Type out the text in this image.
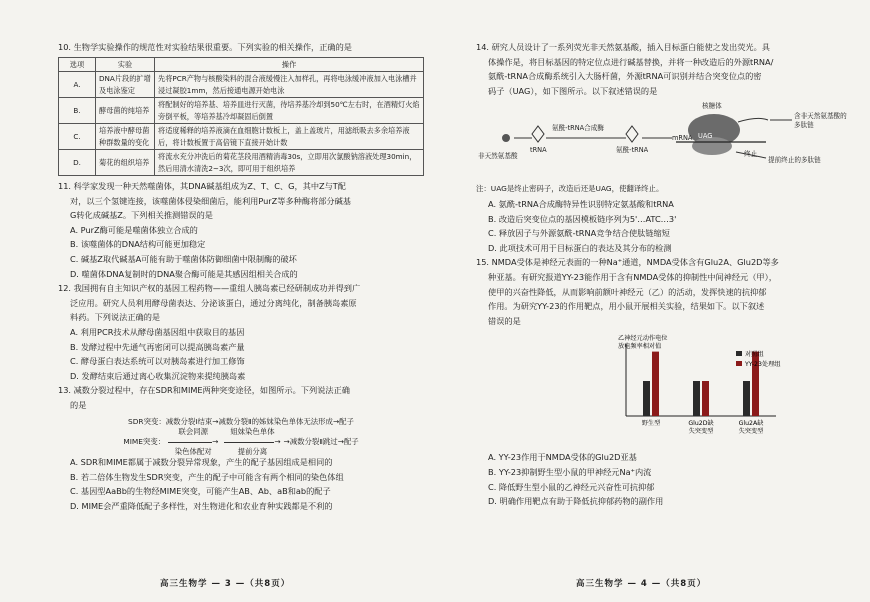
10. 生物学实验操作的规范性对实验结果很重要。下列实验的相关操作，正确的是

选项	实验	操作
A.	DNA片段的扩增及电泳鉴定	先将PCR产物与核酸染料的混合液缓慢注入加样孔，再将电泳缓冲液加入电泳槽并浸过凝胶1mm，然后接通电源开始电泳
B.	酵母菌的纯培养	将配制好的培养基、培养皿进行灭菌，待培养基冷却到50℃左右时，在酒精灯火焰旁倒平板，等培养基冷却凝固后倒置
C.	培养液中酵母菌种群数量的变化	将适度稀释的培养液滴在血细胞计数板上，盖上盖玻片，用滤纸吸去多余培养液后，将计数板置于高倍镜下直接开始计数
D.	菊花的组织培养	将流水充分冲洗后的菊花茎段用酒精消毒30s，立即用次氯酸钠溶液处理30min，然后用清水清洗2~3次，即可用于组织培养

11. 科学家发现一种天然噬菌体，其DNA碱基组成为Z、T、C、G，其中Z与T配

对，以三个氢键连接，该噬菌体侵染细菌后，能利用PurZ等多种酶将部分碱基

G转化成碱基Z。下列相关推测错误的是

A. PurZ酶可能是噬菌体独立合成的

B. 该噬菌体的DNA结构可能更加稳定

C. 碱基Z取代碱基A可能有助于噬菌体防御细菌中限制酶的破坏

D. 噬菌体DNA复制时的DNA聚合酶可能是其感因组相关合成的

12. 我国拥有自主知识产权的基因工程药物——重组人胰岛素已经研制成功并得到广

泛应用。研究人员利用酵母菌表达、分泌该蛋白，通过分离纯化，制备胰岛素原

料药。下列说法正确的是

A. 利用PCR技术从酵母菌基因组中获取目的基因

B. 发酵过程中先通气再密闭可以提高胰岛素产量

C. 酵母蛋白表达系统可以对胰岛素进行加工修饰

D. 发酵结束后通过离心收集沉淀物来提纯胰岛素

13. 减数分裂过程中，存在SDR和MIME两种突变途径，如图所示。下列说法正确

的是

SDR突变：减数分裂Ⅰ结束→减数分裂Ⅱ的姊妹染色单体无法形成→配子
MIME突变：
联会同源
→
染色体配对
姐妹染色单体
→
提前分离
→减数分裂Ⅱ跳过→配子

A. SDR和MIME都属于减数分裂异常现象，产生的配子基因组成是相同的

B. 若二倍体生物发生SDR突变，产生的配子中可能含有两个相同的染色体组

C. 基因型AaBb的生物经MIME突变，可能产生AB、Ab、aB和ab的配子

D. MIME会严重降低配子多样性，对生物进化和农业育种实践都是不利的

高三生物学 — 3 —（共8页）

14. 研究人员设计了一系列荧光非天然氨基酸，插入目标蛋白能使之发出荧光。具

体操作是，将目标基因的特定位点进行碱基替换，并将一种改造后的外源tRNA/

氨酰-tRNA合成酶系统引入大肠杆菌，外源tRNA可识别并结合突变位点的密

码子（UAG），如下图所示。以下叙述错误的是

氨酰-tRNA合成酶
核糖体
含非天然氨基酸的多肽链
非天然氨基酸
tRNA	氨酰-tRNA
mRNA UAG
提前终止的多肽链
终止

注：UAG是终止密码子，改造后还是UAG，使翻译终止。

A. 氨酰-tRNA合成酶特异性识别特定氨基酸和tRNA

B. 改造后突变位点的基因模板链序列为5'…ATC…3'

C. 释放因子与外源氨酰-tRNA竞争结合使肽链缩短

D. 此项技术可用于目标蛋白的表达及其分布的检测

15. NMDA受体是神经元表面的一种Na⁺通道，NMDA受体含有Glu2A、Glu2D等多

种亚基。有研究报道YY-23能作用于含有NMDA受体的抑制性中间神经元（甲），

使甲的兴奋性降低，从而影响前额叶神经元（乙）的活动，发挥快速的抗抑郁

作用。为研究YY-23的作用靶点，用小鼠开展相关实验，结果如下。以下叙述

错误的是

乙神经元动作电位
放电频率相对值
野生型	Glu2D缺
失突变型
Glu2A缺
失突变型
对照组
YY-23处理组

A. YY-23作用于NMDA受体的Glu2D亚基

B. YY-23抑制野生型小鼠的甲神经元Na⁺内流

C. 降低野生型小鼠的乙神经元兴奋性可抗抑郁

D. 明确作用靶点有助于降低抗抑郁药物的副作用

高三生物学 — 4 —（共8页）
